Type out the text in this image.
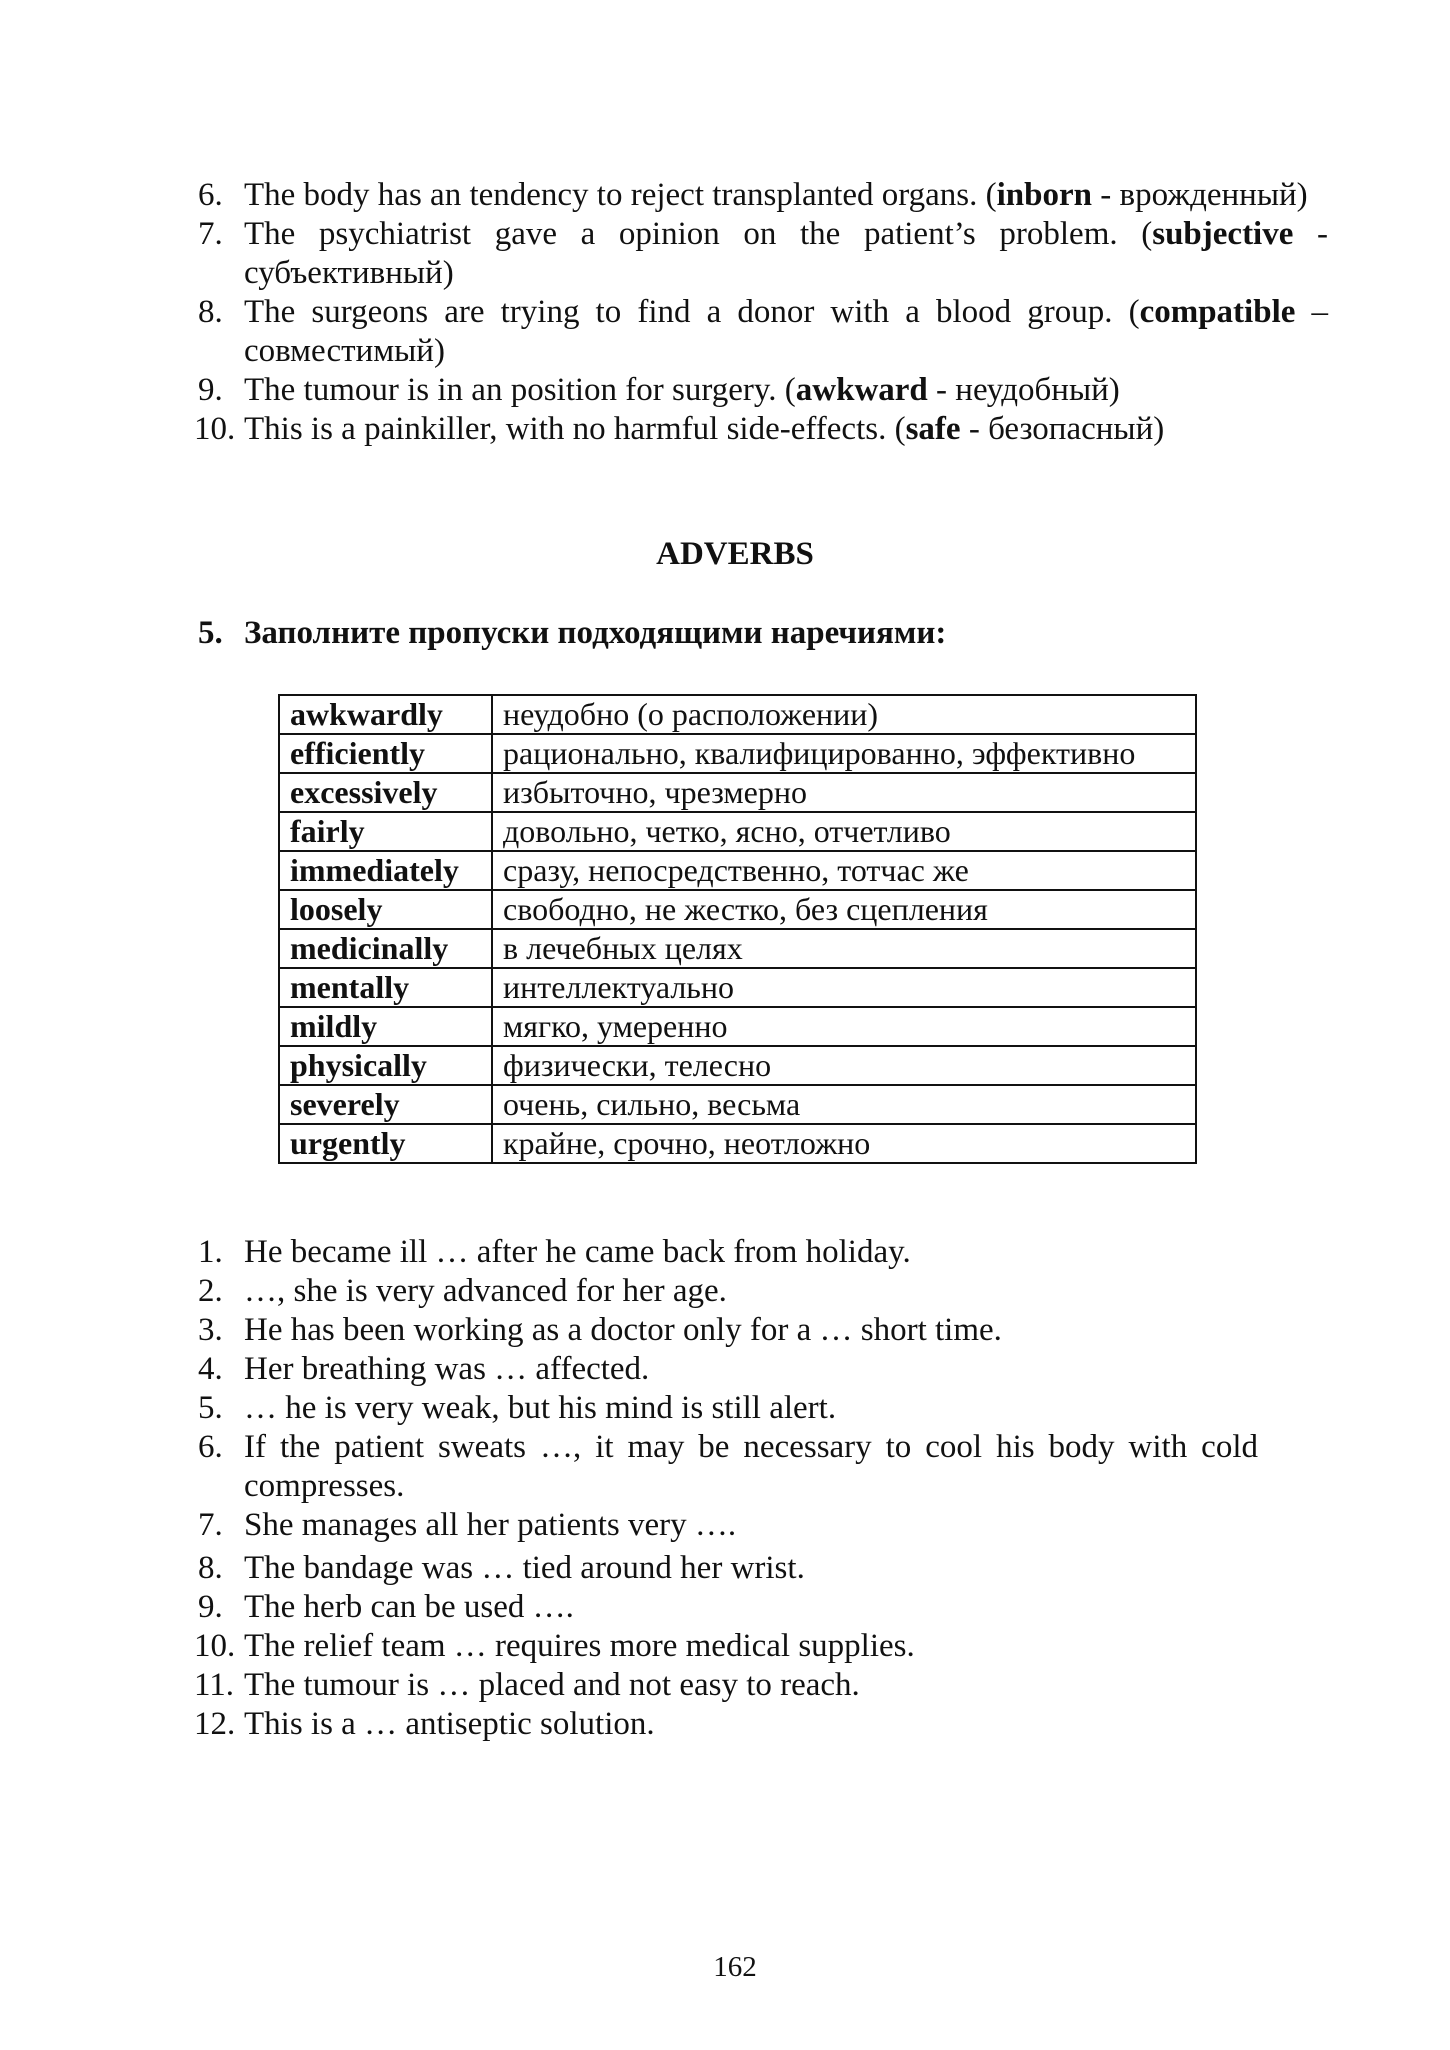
6. The body has an tendency to reject transplanted organs. (inborn - врожденный)
7. The psychiatrist gave a opinion on the patient’s problem. (subjective - субъективный)
8. The surgeons are trying to find a donor with a blood group. (compatible – совместимый)
9. The tumour is in an position for surgery. (awkward - неудобный)
10. This is a painkiller, with no harmful side-effects. (safe - безопасный)
ADVERBS
5. Заполните пропуски подходящими наречиями:
awkwardly	неудобно (о расположении)
efficiently	рационально, квалифицированно, эффективно
excessively	избыточно, чрезмерно
fairly	довольно, четко, ясно, отчетливо
immediately	сразу, непосредственно, тотчас же
loosely	свободно, не жестко, без сцепления
medicinally	в лечебных целях
mentally	интеллектуально
mildly	мягко, умеренно
physically	физически, телесно
severely	очень, сильно, весьма
urgently	крайне, срочно, неотложно
1. He became ill … after he came back from holiday.
2. …, she is very advanced for her age.
3. He has been working as a doctor only for a … short time.
4. Her breathing was … affected.
5. … he is very weak, but his mind is still alert.
6. If the patient sweats …, it may be necessary to cool his body with cold compresses.
7. She manages all her patients very ….
8. The bandage was … tied around her wrist.
9. The herb can be used ….
10. The relief team … requires more medical supplies.
11. The tumour is … placed and not easy to reach.
12. This is a … antiseptic solution.
162
